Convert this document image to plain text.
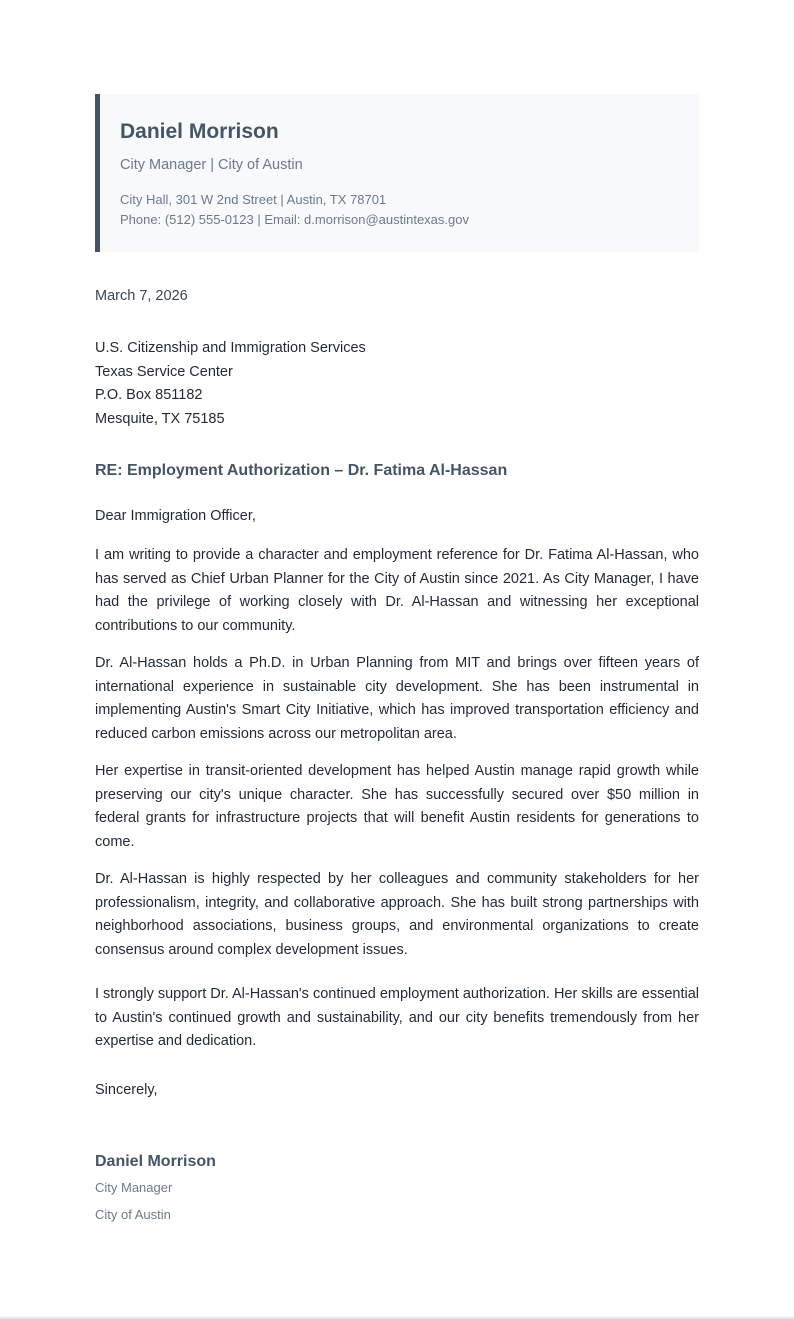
Daniel Morrison
City Manager | City of Austin
City Hall, 301 W 2nd Street | Austin, TX 78701
Phone: (512) 555-0123 | Email: d.morrison@austintexas.gov
March 7, 2026
U.S. Citizenship and Immigration Services
Texas Service Center
P.O. Box 851182
Mesquite, TX 75185
RE: Employment Authorization – Dr. Fatima Al-Hassan
Dear Immigration Officer,
I am writing to provide a character and employment reference for Dr. Fatima Al-Hassan, who has served as Chief Urban Planner for the City of Austin since 2021. As City Manager, I have had the privilege of working closely with Dr. Al-Hassan and witnessing her exceptional contributions to our community.
Dr. Al-Hassan holds a Ph.D. in Urban Planning from MIT and brings over fifteen years of international experience in sustainable city development. She has been instrumental in implementing Austin's Smart City Initiative, which has improved transportation efficiency and reduced carbon emissions across our metropolitan area.
Her expertise in transit-oriented development has helped Austin manage rapid growth while preserving our city's unique character. She has successfully secured over $50 million in federal grants for infrastructure projects that will benefit Austin residents for generations to come.
Dr. Al-Hassan is highly respected by her colleagues and community stakeholders for her professionalism, integrity, and collaborative approach. She has built strong partnerships with neighborhood associations, business groups, and environmental organizations to create consensus around complex development issues.
I strongly support Dr. Al-Hassan's continued employment authorization. Her skills are essential to Austin's continued growth and sustainability, and our city benefits tremendously from her expertise and dedication.
Sincerely,
Daniel Morrison
City Manager
City of Austin
